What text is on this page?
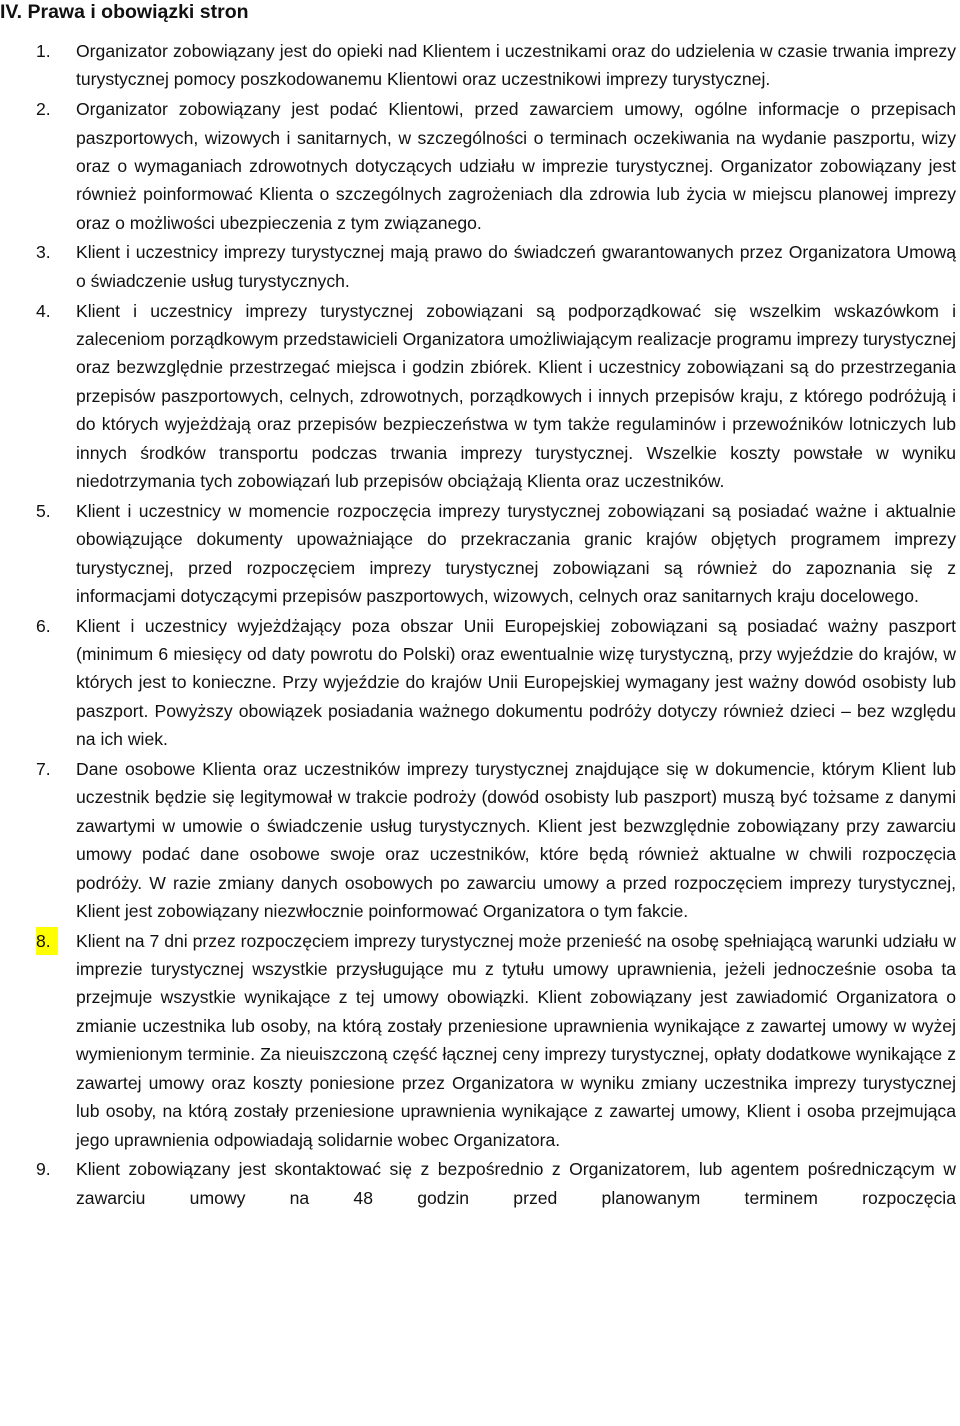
IV. Prawa i obowiązki stron
1.	Organizator zobowiązany jest do opieki nad Klientem i uczestnikami oraz do udzielenia w czasie trwania imprezy turystycznej pomocy poszkodowanemu Klientowi oraz uczestnikowi imprezy turystycznej.
2.	Organizator zobowiązany jest podać Klientowi, przed zawarciem umowy, ogólne informacje o przepisach paszportowych, wizowych i sanitarnych, w szczególności o terminach oczekiwania na wydanie paszportu, wizy oraz o wymaganiach zdrowotnych dotyczących udziału w imprezie turystycznej. Organizator zobowiązany jest również poinformować Klienta o szczególnych zagrożeniach dla zdrowia lub życia w miejscu planowej imprezy oraz o możliwości ubezpieczenia z tym związanego.
3.	Klient i uczestnicy imprezy turystycznej mają prawo do świadczeń gwarantowanych przez Organizatora Umową o świadczenie usług turystycznych.
4.	Klient i uczestnicy imprezy turystycznej zobowiązani są podporządkować się wszelkim wskazówkom i zaleceniom porządkowym przedstawicieli Organizatora umożliwiającym realizacje programu imprezy turystycznej oraz bezwzględnie przestrzegać miejsca i godzin zbiórek. Klient i uczestnicy zobowiązani są do przestrzegania przepisów paszportowych, celnych, zdrowotnych, porządkowych i innych przepisów kraju, z którego podróżują i do których wyjeżdżają oraz przepisów bezpieczeństwa w tym także regulaminów i przewoźników lotniczych lub innych środków transportu podczas trwania imprezy turystycznej. Wszelkie koszty powstałe w wyniku niedotrzymania tych zobowiązań lub przepisów obciążają Klienta oraz uczestników.
5.	Klient i uczestnicy w momencie rozpoczęcia imprezy turystycznej zobowiązani są posiadać ważne i aktualnie obowiązujące dokumenty upoważniające do przekraczania granic krajów objętych programem imprezy turystycznej, przed rozpoczęciem imprezy turystycznej zobowiązani są również do zapoznania się z informacjami dotyczącymi przepisów paszportowych, wizowych, celnych oraz sanitarnych kraju docelowego.
6.	Klient i uczestnicy wyjeżdżający poza obszar Unii Europejskiej zobowiązani są posiadać ważny paszport (minimum 6 miesięcy od daty powrotu do Polski) oraz ewentualnie wizę turystyczną, przy wyjeździe do krajów, w których jest to konieczne. Przy wyjeździe do krajów Unii Europejskiej wymagany jest ważny dowód osobisty lub paszport. Powyższy obowiązek posiadania ważnego dokumentu podróży dotyczy również dzieci – bez względu na ich wiek.
7.	Dane osobowe Klienta oraz uczestników imprezy turystycznej znajdujące się w dokumencie, którym Klient lub uczestnik będzie się legitymował w trakcie podroży (dowód osobisty lub paszport) muszą być tożsame z danymi zawartymi w umowie o świadczenie usług turystycznych. Klient jest bezwzględnie zobowiązany przy zawarciu umowy podać dane osobowe swoje oraz uczestników, które będą również aktualne w chwili rozpoczęcia podróży. W razie zmiany danych osobowych po zawarciu umowy a przed rozpoczęciem imprezy turystycznej, Klient jest zobowiązany niezwłocznie poinformować Organizatora o tym fakcie.
8.	Klient na 7 dni przez rozpoczęciem imprezy turystycznej może przenieść na osobę spełniającą warunki udziału w imprezie turystycznej wszystkie przysługujące mu z tytułu umowy uprawnienia, jeżeli jednocześnie osoba ta przejmuje wszystkie wynikające z tej umowy obowiązki. Klient zobowiązany jest zawiadomić Organizatora o zmianie uczestnika lub osoby, na którą zostały przeniesione uprawnienia wynikające z zawartej umowy w wyżej wymienionym terminie. Za nieuiszczoną część łącznej ceny imprezy turystycznej, opłaty dodatkowe wynikające z zawartej umowy oraz koszty poniesione przez Organizatora w wyniku zmiany uczestnika imprezy turystycznej lub osoby, na którą zostały przeniesione uprawnienia wynikające z zawartej umowy, Klient i osoba przejmująca jego uprawnienia odpowiadają solidarnie wobec Organizatora.
9.	Klient zobowiązany jest skontaktować się z bezpośrednio z Organizatorem, lub agentem pośredniczącym w zawarciu umowy na 48 godzin przed planowanym terminem rozpoczęcia
